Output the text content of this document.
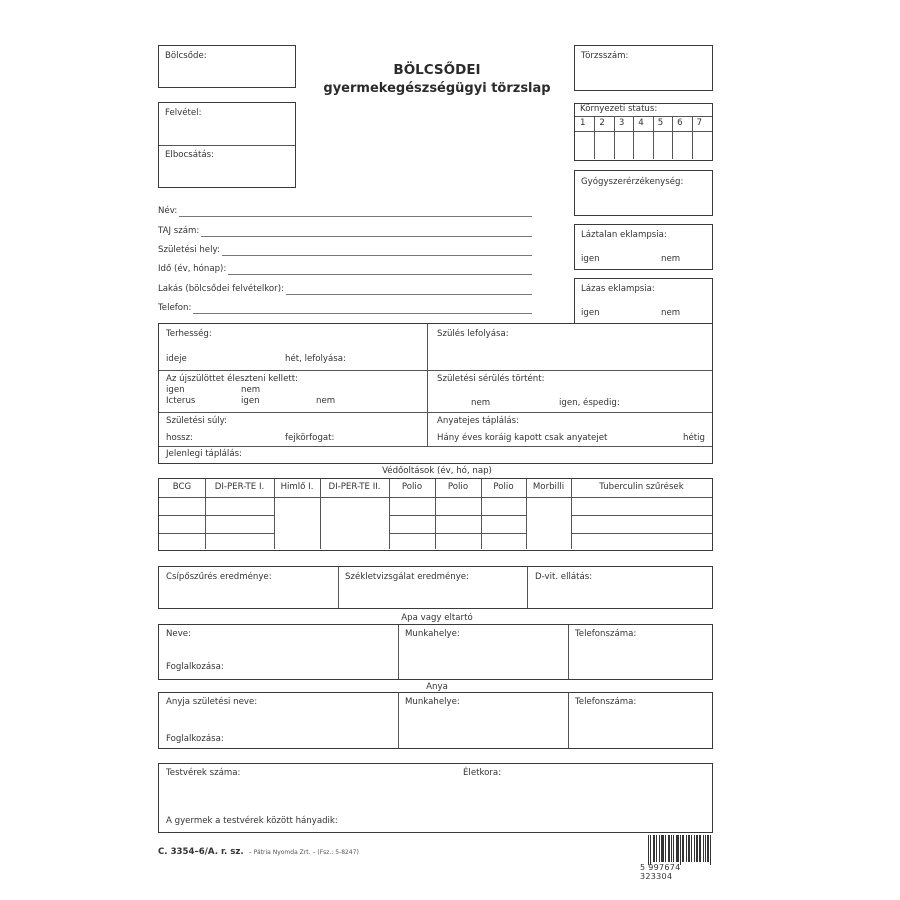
BÖLCSŐDEI
gyermekegészségügyi törzslap
Bölcsőde:
Felvétel:
Elbocsátás:
Törzsszám:
Környezeti status:
1 2 3 4 5 6 7
Gyógyszerérzékenység:
Láztalan eklampsia:
igen	nem
Lázas eklampsia:
igen	nem
Név:
TAJ szám:
Születési hely:
Idő (év, hónap):
Lakás (bölcsődei felvételkor):
Telefon:
Terhesség:
ideje	hét, lefolyása:
Szülés lefolyása:
Az újszülöttet éleszteni kellett:
igen	nem
Icterus	igen	nem
Születési sérülés történt:
nem	igen, éspedig:
Születési súly:
hossz:	fejkörfogat:
Anyatejes táplálás:
Hány éves koráig kapott csak anyatejet	hétig
Jelenlegi táplálás:
Védőoltások (év, hó, nap)
BCG	DI-PER-TE I.	Himlő I.	DI-PER-TE II.	Polio	Polio	Polio	Morbilli	Tuberculin szűrések
Csípőszűrés eredménye:	Székletvizsgálat eredménye:	D-vit. ellátás:
Apa vagy eltartó
Neve:
Foglalkozása:
Munkahelye:	Telefonszáma:
Anya
Anyja születési neve:
Foglalkozása:
Munkahelye:	Telefonszáma:
Testvérek száma:	Életkora:
A gyermek a testvérek között hányadik:
C. 3354–6/A. r. sz. – Pátria Nyomda Zrt. – (Fsz.: 5-8247)
5 997674 323304
